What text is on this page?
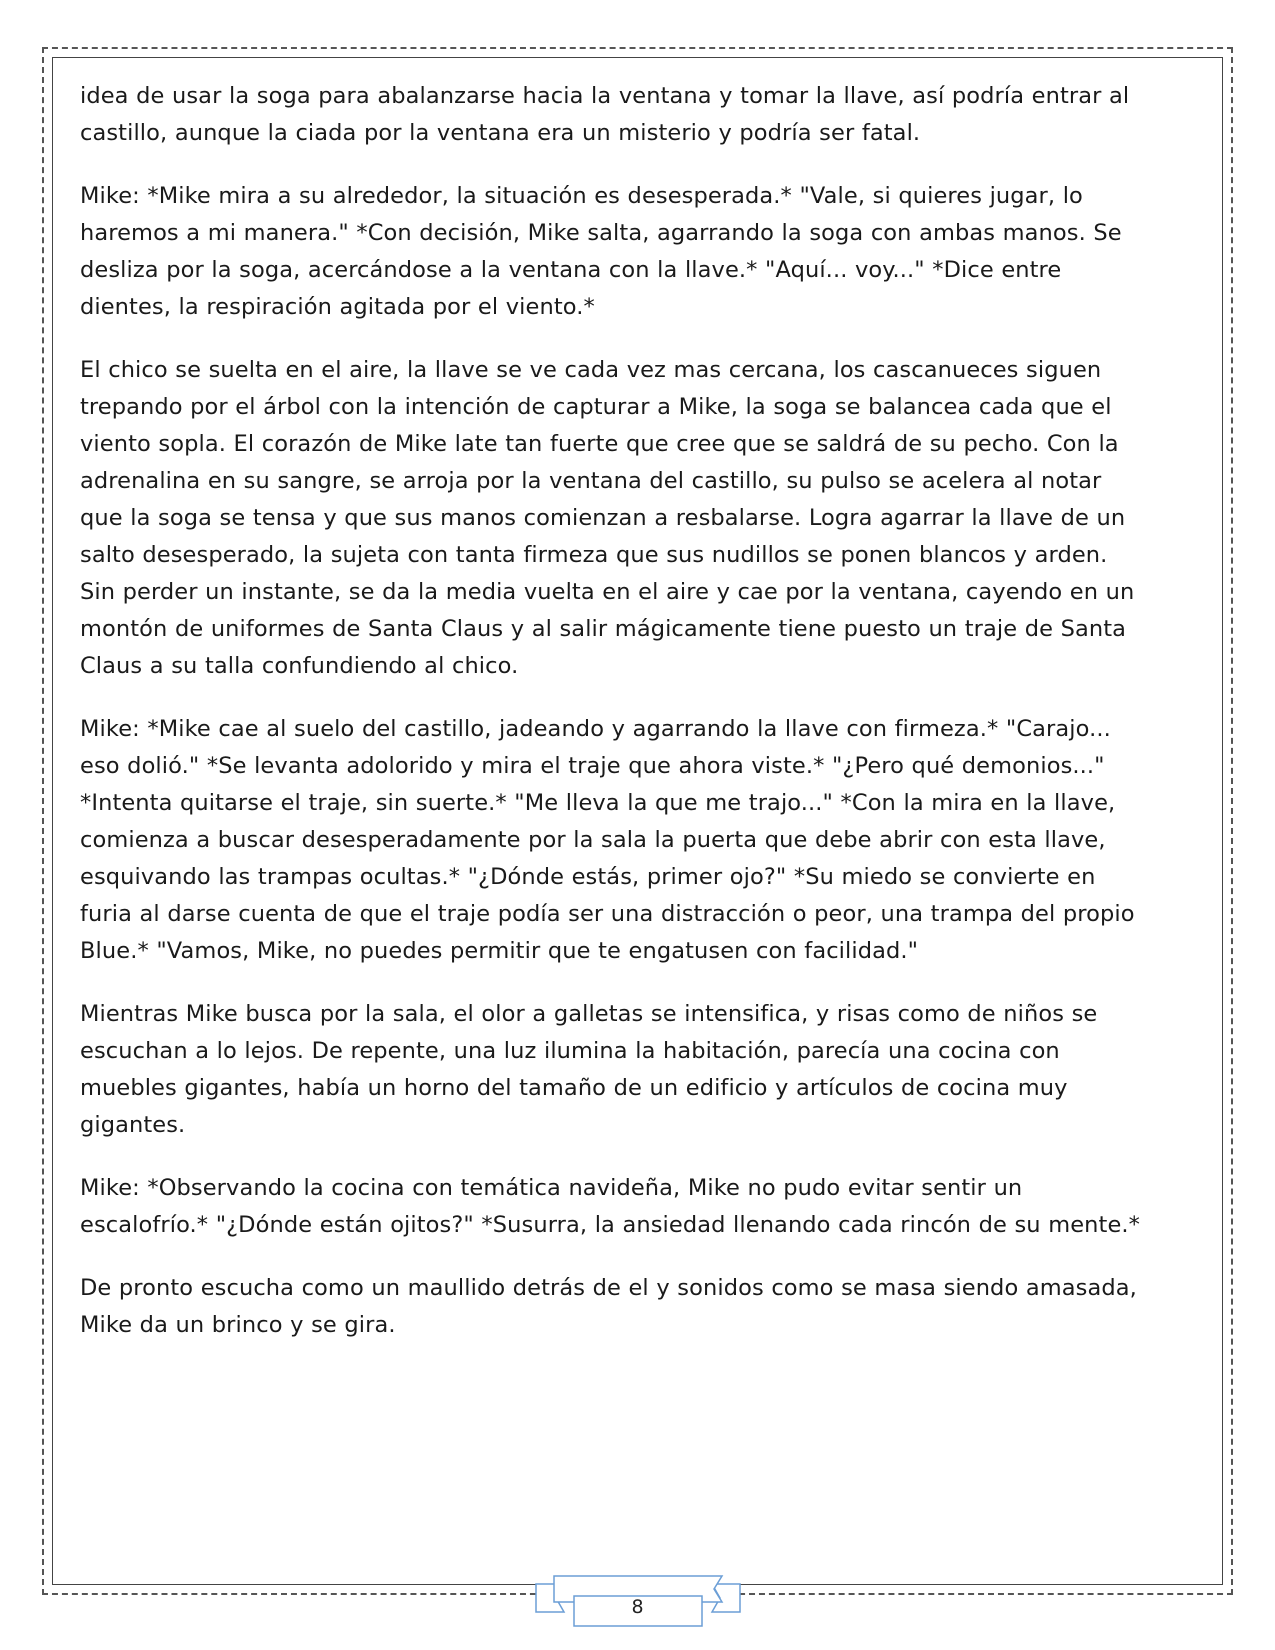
idea de usar la soga para abalanzarse hacia la ventana y tomar la llave, así podría entrar al castillo, aunque la ciada por la ventana era un misterio y podría ser fatal.

Mike: *Mike mira a su alrededor, la situación es desesperada.* "Vale, si quieres jugar, lo haremos a mi manera." *Con decisión, Mike salta, agarrando la soga con ambas manos. Se desliza por la soga, acercándose a la ventana con la llave.* "Aquí... voy..." *Dice entre dientes, la respiración agitada por el viento.*

El chico se suelta en el aire, la llave se ve cada vez mas cercana, los cascanueces siguen trepando por el árbol con la intención de capturar a Mike, la soga se balancea cada que el viento sopla. El corazón de Mike late tan fuerte que cree que se saldrá de su pecho. Con la adrenalina en su sangre, se arroja por la ventana del castillo, su pulso se acelera al notar que la soga se tensa y que sus manos comienzan a resbalarse. Logra agarrar la llave de un salto desesperado, la sujeta con tanta firmeza que sus nudillos se ponen blancos y arden. Sin perder un instante, se da la media vuelta en el aire y cae por la ventana, cayendo en un montón de uniformes de Santa Claus y al salir mágicamente tiene puesto un traje de Santa Claus a su talla confundiendo al chico.

Mike: *Mike cae al suelo del castillo, jadeando y agarrando la llave con firmeza.* "Carajo... eso dolió." *Se levanta adolorido y mira el traje que ahora viste.* "¿Pero qué demonios..." *Intenta quitarse el traje, sin suerte.* "Me lleva la que me trajo..." *Con la mira en la llave, comienza a buscar desesperadamente por la sala la puerta que debe abrir con esta llave, esquivando las trampas ocultas.* "¿Dónde estás, primer ojo?" *Su miedo se convierte en furia al darse cuenta de que el traje podía ser una distracción o peor, una trampa del propio Blue.* "Vamos, Mike, no puedes permitir que te engatusen con facilidad."

Mientras Mike busca por la sala, el olor a galletas se intensifica, y risas como de niños se escuchan a lo lejos. De repente, una luz ilumina la habitación, parecía una cocina con muebles gigantes, había un horno del tamaño de un edificio y artículos de cocina muy gigantes.

Mike: *Observando la cocina con temática navideña, Mike no pudo evitar sentir un escalofrío.* "¿Dónde están ojitos?" *Susurra, la ansiedad llenando cada rincón de su mente.*

De pronto escucha como un maullido detrás de el y sonidos como se masa siendo amasada, Mike da un brinco y se gira.

8
